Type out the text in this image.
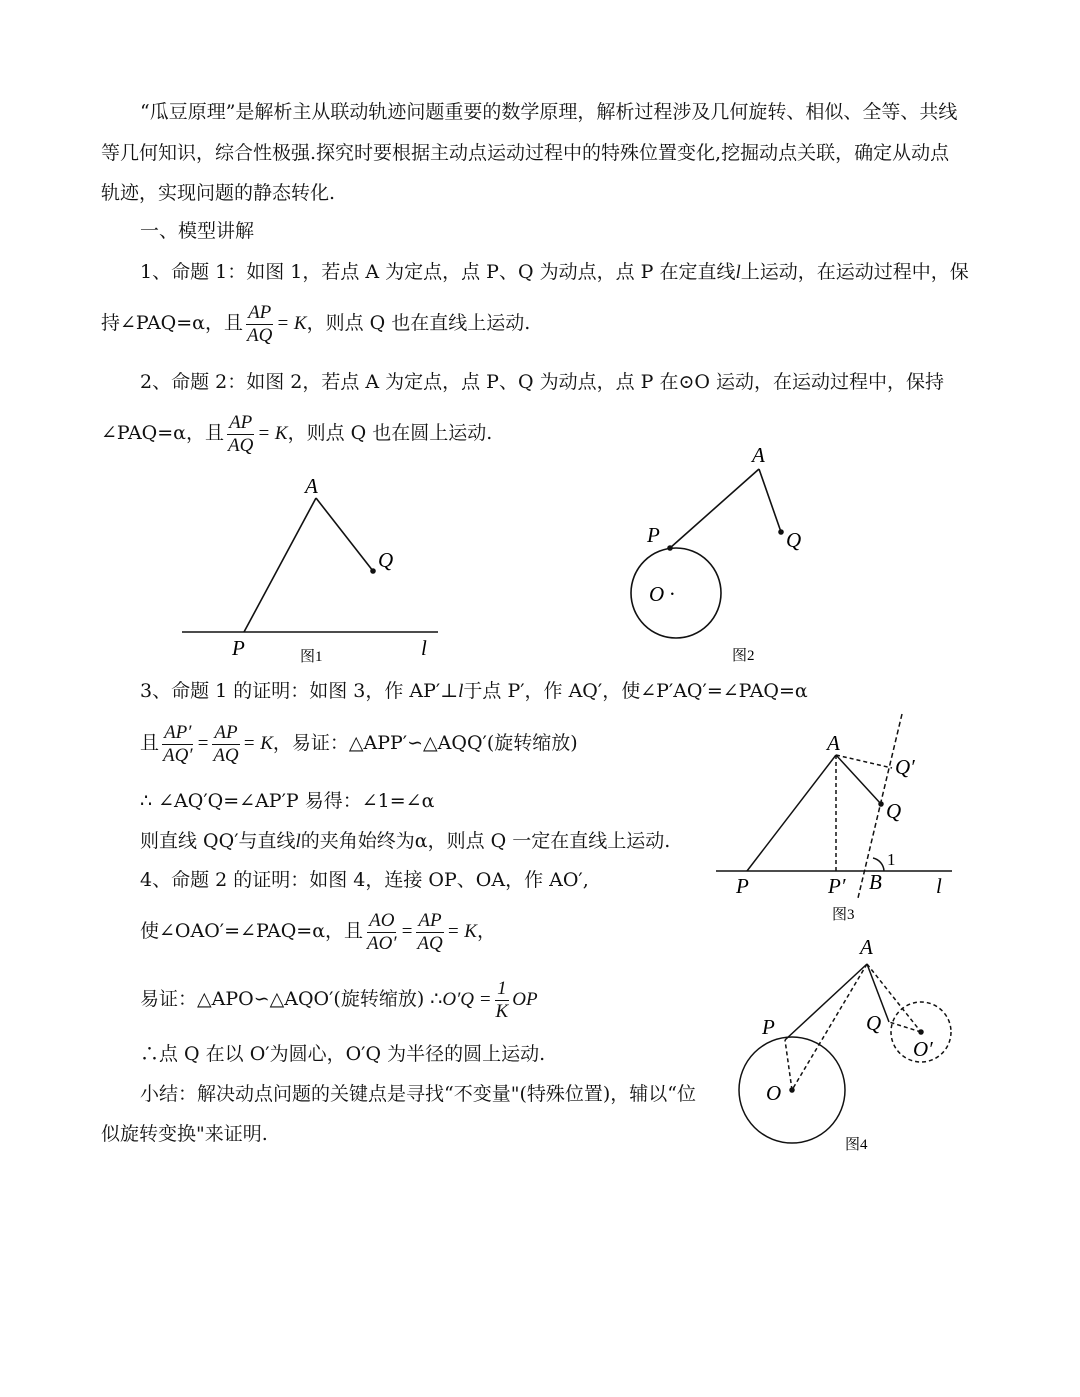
“瓜豆原理”是解析主从联动轨迹问题重要的数学原理，解析过程涉及几何旋转、相似、全等、共线
等几何知识，综合性极强.探究时要根据主动点运动过程中的特殊位置变化,挖掘动点关联，确定从动点
轨迹，实现问题的静态转化.
一、模型讲解
1、命题 1：如图 1，若点 A 为定点，点 P、Q 为动点，点 P 在定直线l上运动，在运动过程中，保
持∠PAQ=α，且 $\frac{AP}{AQ} = K$，则点 Q 也在直线上运动.
2、命题 2：如图 2，若点 A 为定点，点 P、Q 为动点，点 P 在⊙O 运动，在运动过程中，保持
∠PAQ=α，且 $\frac{AP}{AQ} = K$，则点 Q 也在圆上运动.
3、命题 1 的证明：如图 3，作 AP′⊥l于点 P′，作 AQ′，使∠P′AQ′=∠PAQ=α
且 $\frac{AP'}{AQ'} = \frac{AP}{AQ} = K$，易证：△APP′∽△AQQ′(旋转缩放)
∴ ∠AQ′Q=∠AP′P 易得：∠1=∠α
则直线 QQ′与直线l的夹角始终为α，则点 Q 一定在直线上运动.
4、命题 2 的证明：如图 4，连接 OP、OA，作 AO′,
使∠OAO′=∠PAQ=α，且 $\frac{AO}{AO'} = \frac{AP}{AQ} = K$，
易证：△APO∽△AQO′(旋转缩放) ∴O′Q = $\frac{1}{K}$ OP
∴点 Q 在以 O′为圆心，O′Q 为半径的圆上运动.
小结：解决动点问题的关键点是寻找“不变量"(特殊位置)，辅以“位
似旋转变换"来证明.
A
Q
P	l
图1
A
P	Q
O ·
图2
A
Q′
Q
1
P	P′ B	l
图3
A
P	Q
O
O′
图4
